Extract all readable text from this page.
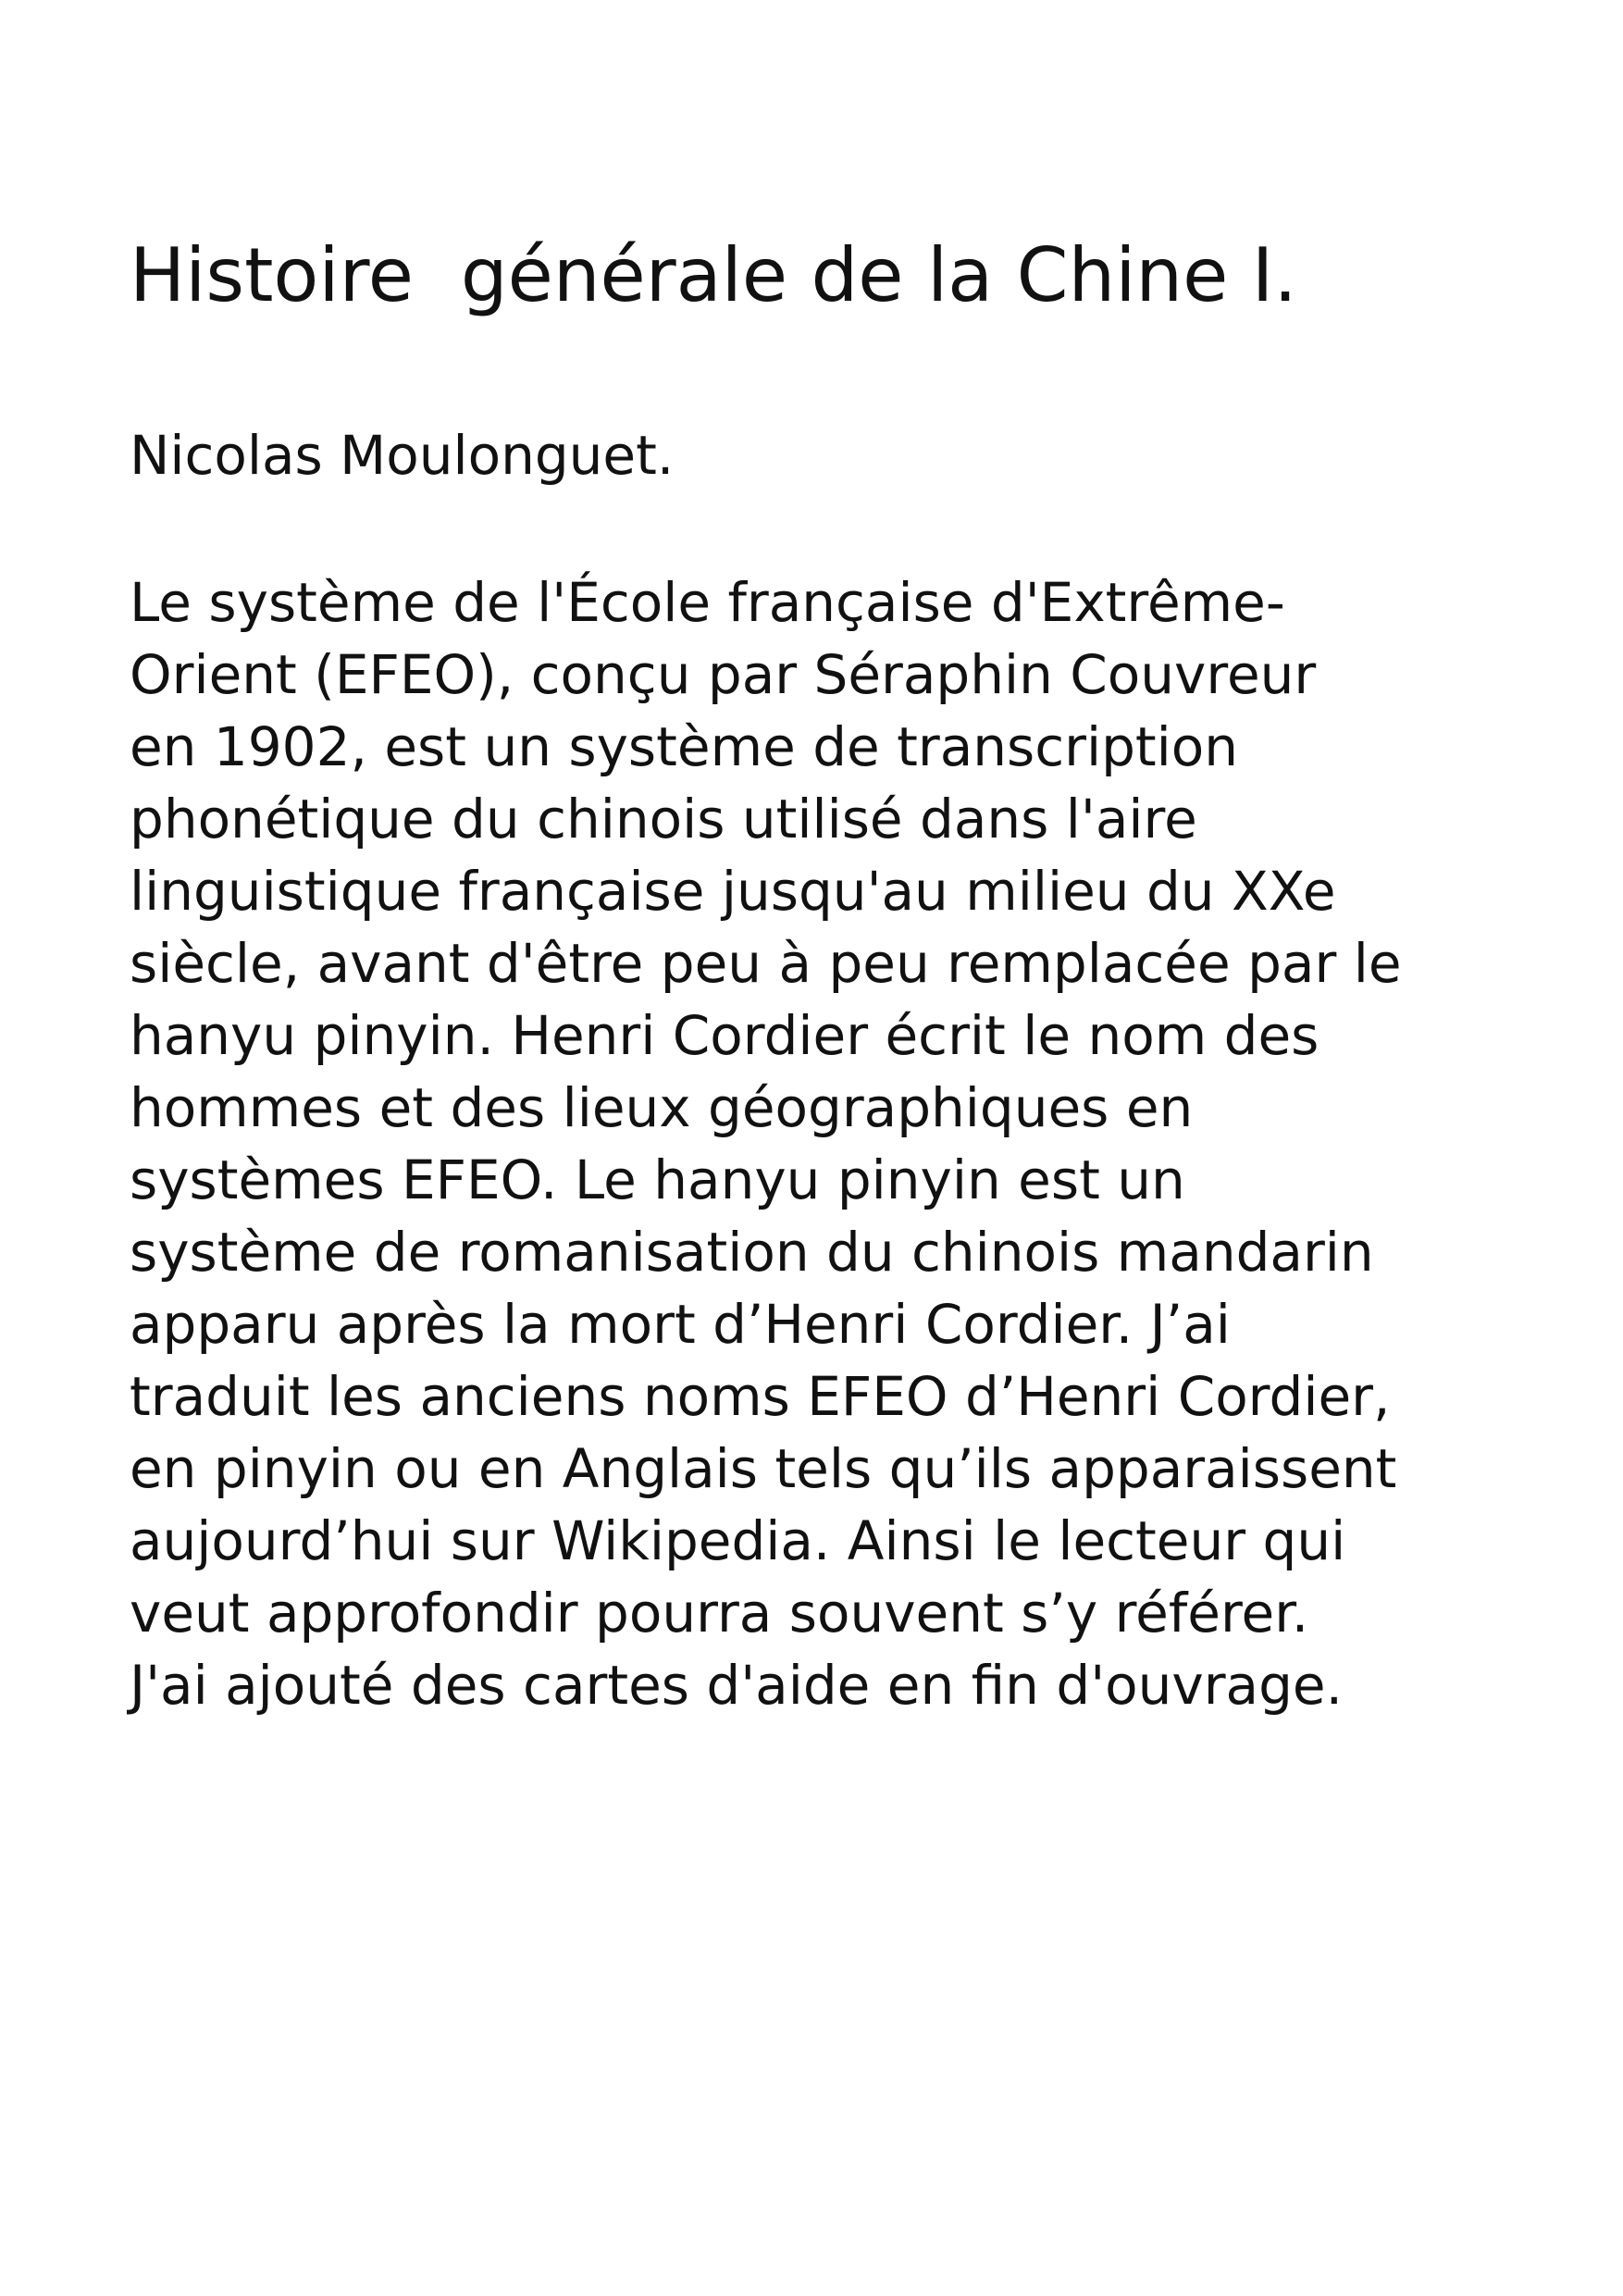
Histoire  générale de la Chine I.

Nicolas Moulonguet.

Le système de l'École française d'Extrême-
Orient (EFEO), conçu par Séraphin Couvreur
en 1902, est un système de transcription
phonétique du chinois utilisé dans l'aire
linguistique française jusqu'au milieu du XXe
siècle, avant d'être peu à peu remplacée par le
hanyu pinyin. Henri Cordier écrit le nom des
hommes et des lieux géographiques en
systèmes EFEO. Le hanyu pinyin est un
système de romanisation du chinois mandarin
apparu après la mort d’Henri Cordier. J’ai
traduit les anciens noms EFEO d’Henri Cordier,
en pinyin ou en Anglais tels qu’ils apparaissent
aujourd’hui sur Wikipedia. Ainsi le lecteur qui
veut approfondir pourra souvent s’y référer.
J'ai ajouté des cartes d'aide en fin d'ouvrage.
